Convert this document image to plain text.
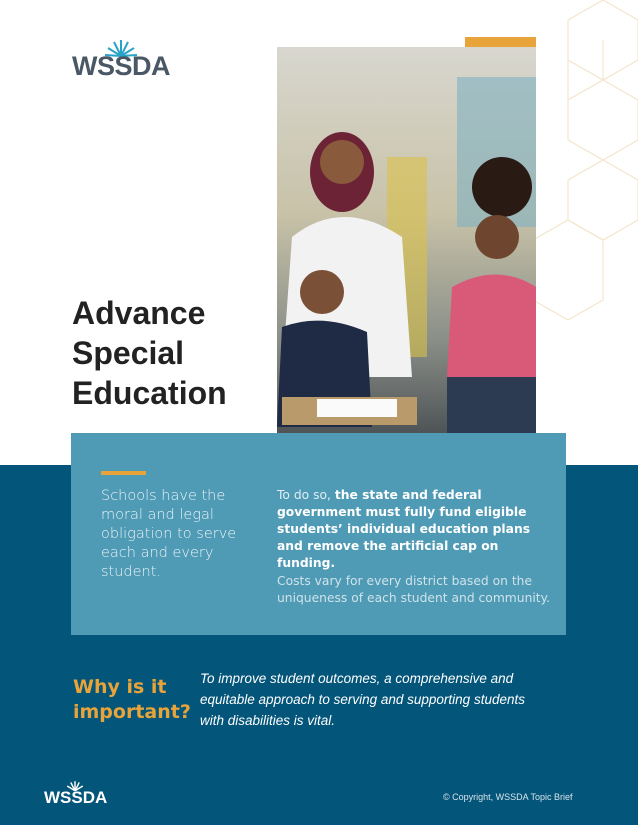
WSSDA
Advance
Special
Education

Schools have the moral and legal obligation to serve each and every student.

To do so, the state and federal government must fully fund eligible students’ individual education plans and remove the artificial cap on funding.

Costs vary for every district based on the uniqueness of each student and community.

Why is it
important?

To improve student outcomes, a comprehensive and equitable approach to serving and supporting students with disabilities is vital.

WSSDA	© Copyright, WSSDA Topic Brief
